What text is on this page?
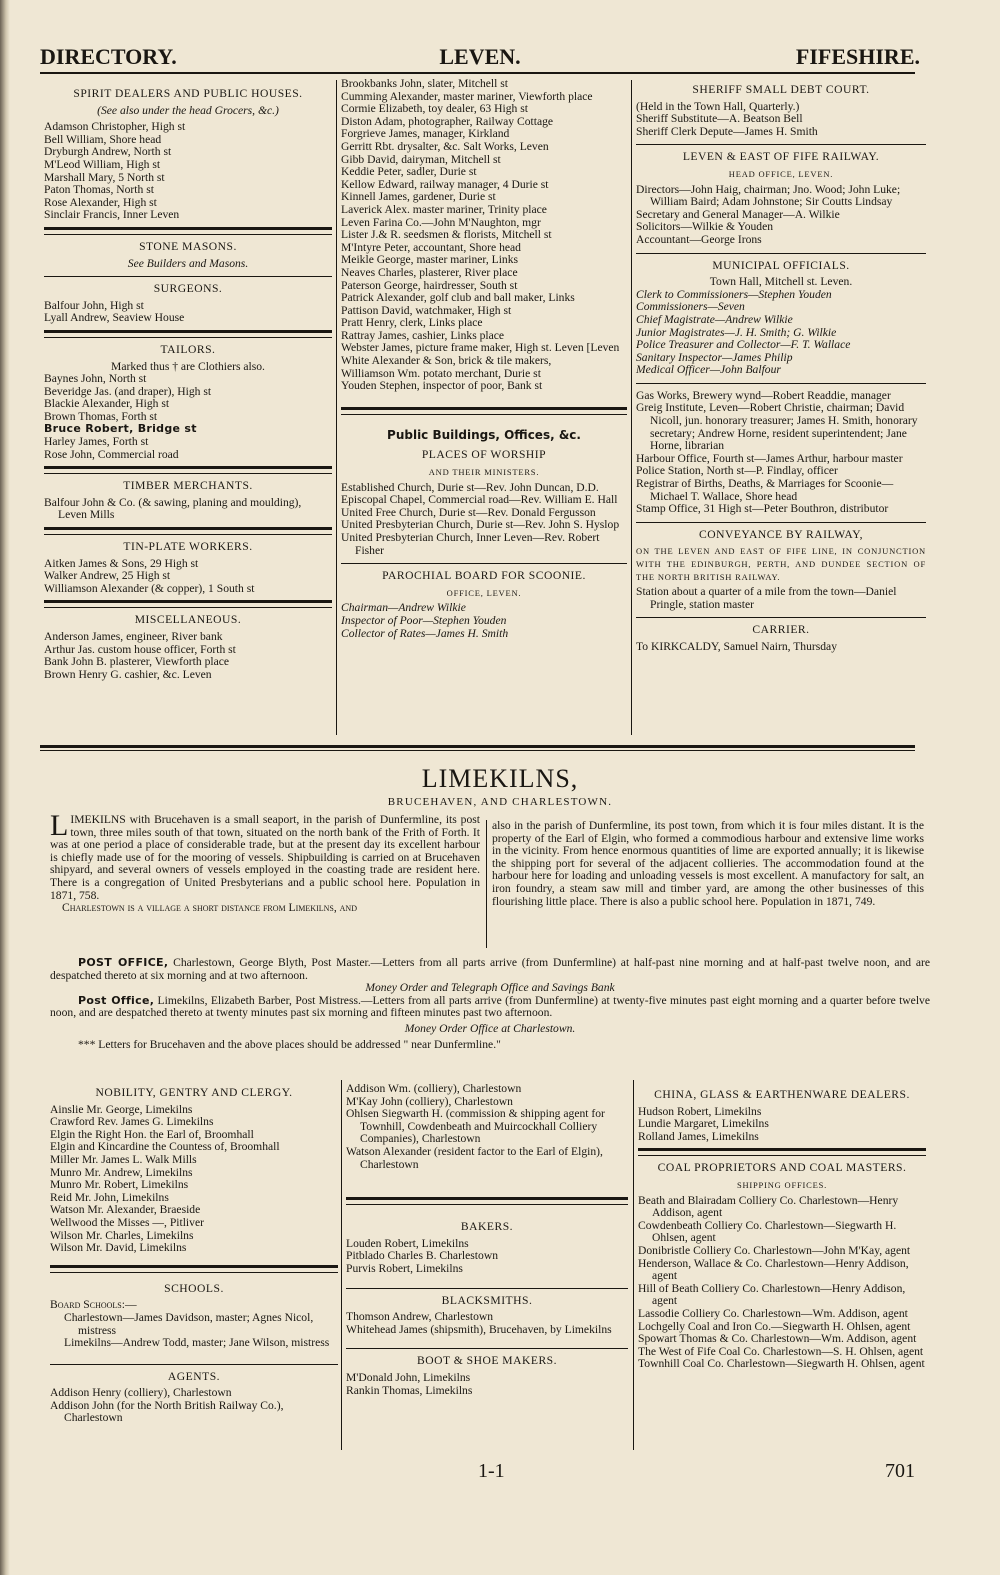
DIRECTORY.	LEVEN.	FIFESHIRE.

SPIRIT DEALERS AND PUBLIC HOUSES.

(See also under the head Grocers, &c.)

Adamson Christopher, High st

Bell William, Shore head

Dryburgh Andrew, North st

M'Leod William, High st

Marshall Mary, 5 North st

Paton Thomas, North st

Rose Alexander, High st

Sinclair Francis, Inner Leven

STONE MASONS.

See Builders and Masons.

SURGEONS.

Balfour John, High st

Lyall Andrew, Seaview House

TAILORS.

Marked thus † are Clothiers also.

Baynes John, North st

Beveridge Jas. (and draper), High st

Blackie Alexander, High st

Brown Thomas, Forth st

Bruce Robert, Bridge st

Harley James, Forth st

Rose John, Commercial road

TIMBER MERCHANTS.

Balfour John & Co. (& sawing, planing and moulding), Leven Mills

TIN-PLATE WORKERS.

Aitken James & Sons, 29 High st

Walker Andrew, 25 High st

Williamson Alexander (& copper), 1 South st

MISCELLANEOUS.

Anderson James, engineer, River bank

Arthur Jas. custom house officer, Forth st

Bank John B. plasterer, Viewforth place

Brown Henry G. cashier, &c. Leven

Brookbanks John, slater, Mitchell st

Cumming Alexander, master mariner, Viewforth place

Cormie Elizabeth, toy dealer, 63 High st

Diston Adam, photographer, Railway Cottage

Forgrieve James, manager, Kirkland

Gerritt Rbt. drysalter, &c. Salt Works, Leven

Gibb David, dairyman, Mitchell st

Keddie Peter, sadler, Durie st

Kellow Edward, railway manager, 4 Durie st

Kinnell James, gardener, Durie st

Laverick Alex. master mariner, Trinity place

Leven Farina Co.—John M'Naughton, mgr

Lister J.& R. seedsmen & florists, Mitchell st

M'Intyre Peter, accountant, Shore head

Meikle George, master mariner, Links

Neaves Charles, plasterer, River place

Paterson George, hairdresser, South st

Patrick Alexander, golf club and ball maker, Links

Pattison David, watchmaker, High st

Pratt Henry, clerk, Links place

Rattray James, cashier, Links place

Webster James, picture frame maker, High st. Leven [Leven

White Alexander & Son, brick & tile makers,

Williamson Wm. potato merchant, Durie st

Youden Stephen, inspector of poor, Bank st

Public Buildings, Offices, &c.

PLACES OF WORSHIP

AND THEIR MINISTERS.

Established Church, Durie st—Rev. John Duncan, D.D.

Episcopal Chapel, Commercial road—Rev. William E. Hall

United Free Church, Durie st—Rev. Donald Fergusson

United Presbyterian Church, Durie st—Rev. John S. Hyslop

United Presbyterian Church, Inner Leven—Rev. Robert Fisher

PAROCHIAL BOARD FOR SCOONIE.

OFFICE, LEVEN.

Chairman—Andrew Wilkie

Inspector of Poor—Stephen Youden

Collector of Rates—James H. Smith

SHERIFF SMALL DEBT COURT.

(Held in the Town Hall, Quarterly.)

Sheriff Substitute—A. Beatson Bell

Sheriff Clerk Depute—James H. Smith

LEVEN & EAST OF FIFE RAILWAY.

HEAD OFFICE, LEVEN.

Directors—John Haig, chairman; Jno. Wood; John Luke; William Baird; Adam Johnstone; Sir Coutts Lindsay

Secretary and General Manager—A. Wilkie

Solicitors—Wilkie & Youden

Accountant—George Irons

MUNICIPAL OFFICIALS.

Town Hall, Mitchell st. Leven.

Clerk to Commissioners—Stephen Youden

Commissioners—Seven

Chief Magistrate—Andrew Wilkie

Junior Magistrates—J. H. Smith; G. Wilkie

Police Treasurer and Collector—F. T. Wallace

Sanitary Inspector—James Philip

Medical Officer—John Balfour

Gas Works, Brewery wynd—Robert Readdie, manager

Greig Institute, Leven—Robert Christie, chairman; David Nicoll, jun. honorary treasurer; James H. Smith, honorary secretary; Andrew Horne, resident superintendent; Jane Horne, librarian

Harbour Office, Fourth st—James Arthur, harbour master

Police Station, North st—P. Findlay, officer

Registrar of Births, Deaths, & Marriages for Scoonie—Michael T. Wallace, Shore head

Stamp Office, 31 High st—Peter Bouthron, distributor

CONVEYANCE BY RAILWAY,

ON THE LEVEN AND EAST OF FIFE LINE, IN CONJUNCTION WITH THE EDINBURGH, PERTH, AND DUNDEE SECTION OF THE NORTH BRITISH RAILWAY.

Station about a quarter of a mile from the town—Daniel Pringle, station master

CARRIER.

To KIRKCALDY, Samuel Nairn, Thursday

LIMEKILNS,
BRUCEHAVEN, AND CHARLESTOWN.

LIMEKILNS with Brucehaven is a small seaport, in the parish of Dunfermline, its post town, three miles south of that town, situated on the north bank of the Frith of Forth. It was at one period a place of considerable trade, but at the present day its excellent harbour is chiefly made use of for the mooring of vessels. Shipbuilding is carried on at Brucehaven shipyard, and several owners of vessels employed in the coasting trade are resident here. There is a congregation of United Presbyterians and a public school here. Population in 1871, 758.

Charlestown is a village a short distance from Limekilns, and

also in the parish of Dunfermline, its post town, from which it is four miles distant. It is the property of the Earl of Elgin, who formed a commodious harbour and extensive lime works in the vicinity. From hence enormous quantities of lime are exported annually; it is likewise the shipping port for several of the adjacent collieries. The accommodation found at the harbour here for loading and unloading vessels is most excellent. A manufactory for salt, an iron foundry, a steam saw mill and timber yard, are among the other businesses of this flourishing little place. There is also a public school here. Population in 1871, 749.

POST OFFICE, Charlestown, George Blyth, Post Master.—Letters from all parts arrive (from Dunfermline) at half-past nine morning and at half-past twelve noon, and are despatched thereto at six morning and at two afternoon.

Money Order and Telegraph Office and Savings Bank

Post Office, Limekilns, Elizabeth Barber, Post Mistress.—Letters from all parts arrive (from Dunfermline) at twenty-five minutes past eight morning and a quarter before twelve noon, and are despatched thereto at twenty minutes past six morning and fifteen minutes past two afternoon.

Money Order Office at Charlestown.

*** Letters for Brucehaven and the above places should be addressed " near Dunfermline."

NOBILITY, GENTRY AND CLERGY.

Ainslie Mr. George, Limekilns

Crawford Rev. James G. Limekilns

Elgin the Right Hon. the Earl of, Broomhall

Elgin and Kincardine the Countess of, Broomhall

Miller Mr. James L. Walk Mills

Munro Mr. Andrew, Limekilns

Munro Mr. Robert, Limekilns

Reid Mr. John, Limekilns

Watson Mr. Alexander, Braeside

Wellwood the Misses —, Pitliver

Wilson Mr. Charles, Limekilns

Wilson Mr. David, Limekilns

SCHOOLS.

Board Schools:—

Charlestown—James Davidson, master; Agnes Nicol, mistress

Limekilns—Andrew Todd, master; Jane Wilson, mistress

AGENTS.

Addison Henry (colliery), Charlestown

Addison John (for the North British Railway Co.), Charlestown

Addison Wm. (colliery), Charlestown

M'Kay John (colliery), Charlestown

Ohlsen Siegwarth H. (commission & shipping agent for Townhill, Cowdenbeath and Muircockhall Colliery Companies), Charlestown

Watson Alexander (resident factor to the Earl of Elgin), Charlestown

BAKERS.

Louden Robert, Limekilns

Pitblado Charles B. Charlestown

Purvis Robert, Limekilns

BLACKSMITHS.

Thomson Andrew, Charlestown

Whitehead James (shipsmith), Brucehaven, by Limekilns

BOOT & SHOE MAKERS.

M'Donald John, Limekilns

Rankin Thomas, Limekilns

CHINA, GLASS & EARTHENWARE DEALERS.

Hudson Robert, Limekilns

Lundie Margaret, Limekilns

Rolland James, Limekilns

COAL PROPRIETORS AND COAL MASTERS.

SHIPPING OFFICES.

Beath and Blairadam Colliery Co. Charlestown—Henry Addison, agent

Cowdenbeath Colliery Co. Charlestown—Siegwarth H. Ohlsen, agent

Donibristle Colliery Co. Charlestown—John M'Kay, agent

Henderson, Wallace & Co. Charlestown—Henry Addison, agent

Hill of Beath Colliery Co. Charlestown—Henry Addison, agent

Lassodie Colliery Co. Charlestown—Wm. Addison, agent

Lochgelly Coal and Iron Co.—Siegwarth H. Ohlsen, agent

Spowart Thomas & Co. Charlestown—Wm. Addison, agent

The West of Fife Coal Co. Charlestown—S. H. Ohlsen, agent

Townhill Coal Co. Charlestown—Siegwarth H. Ohlsen, agent

1-1	701
